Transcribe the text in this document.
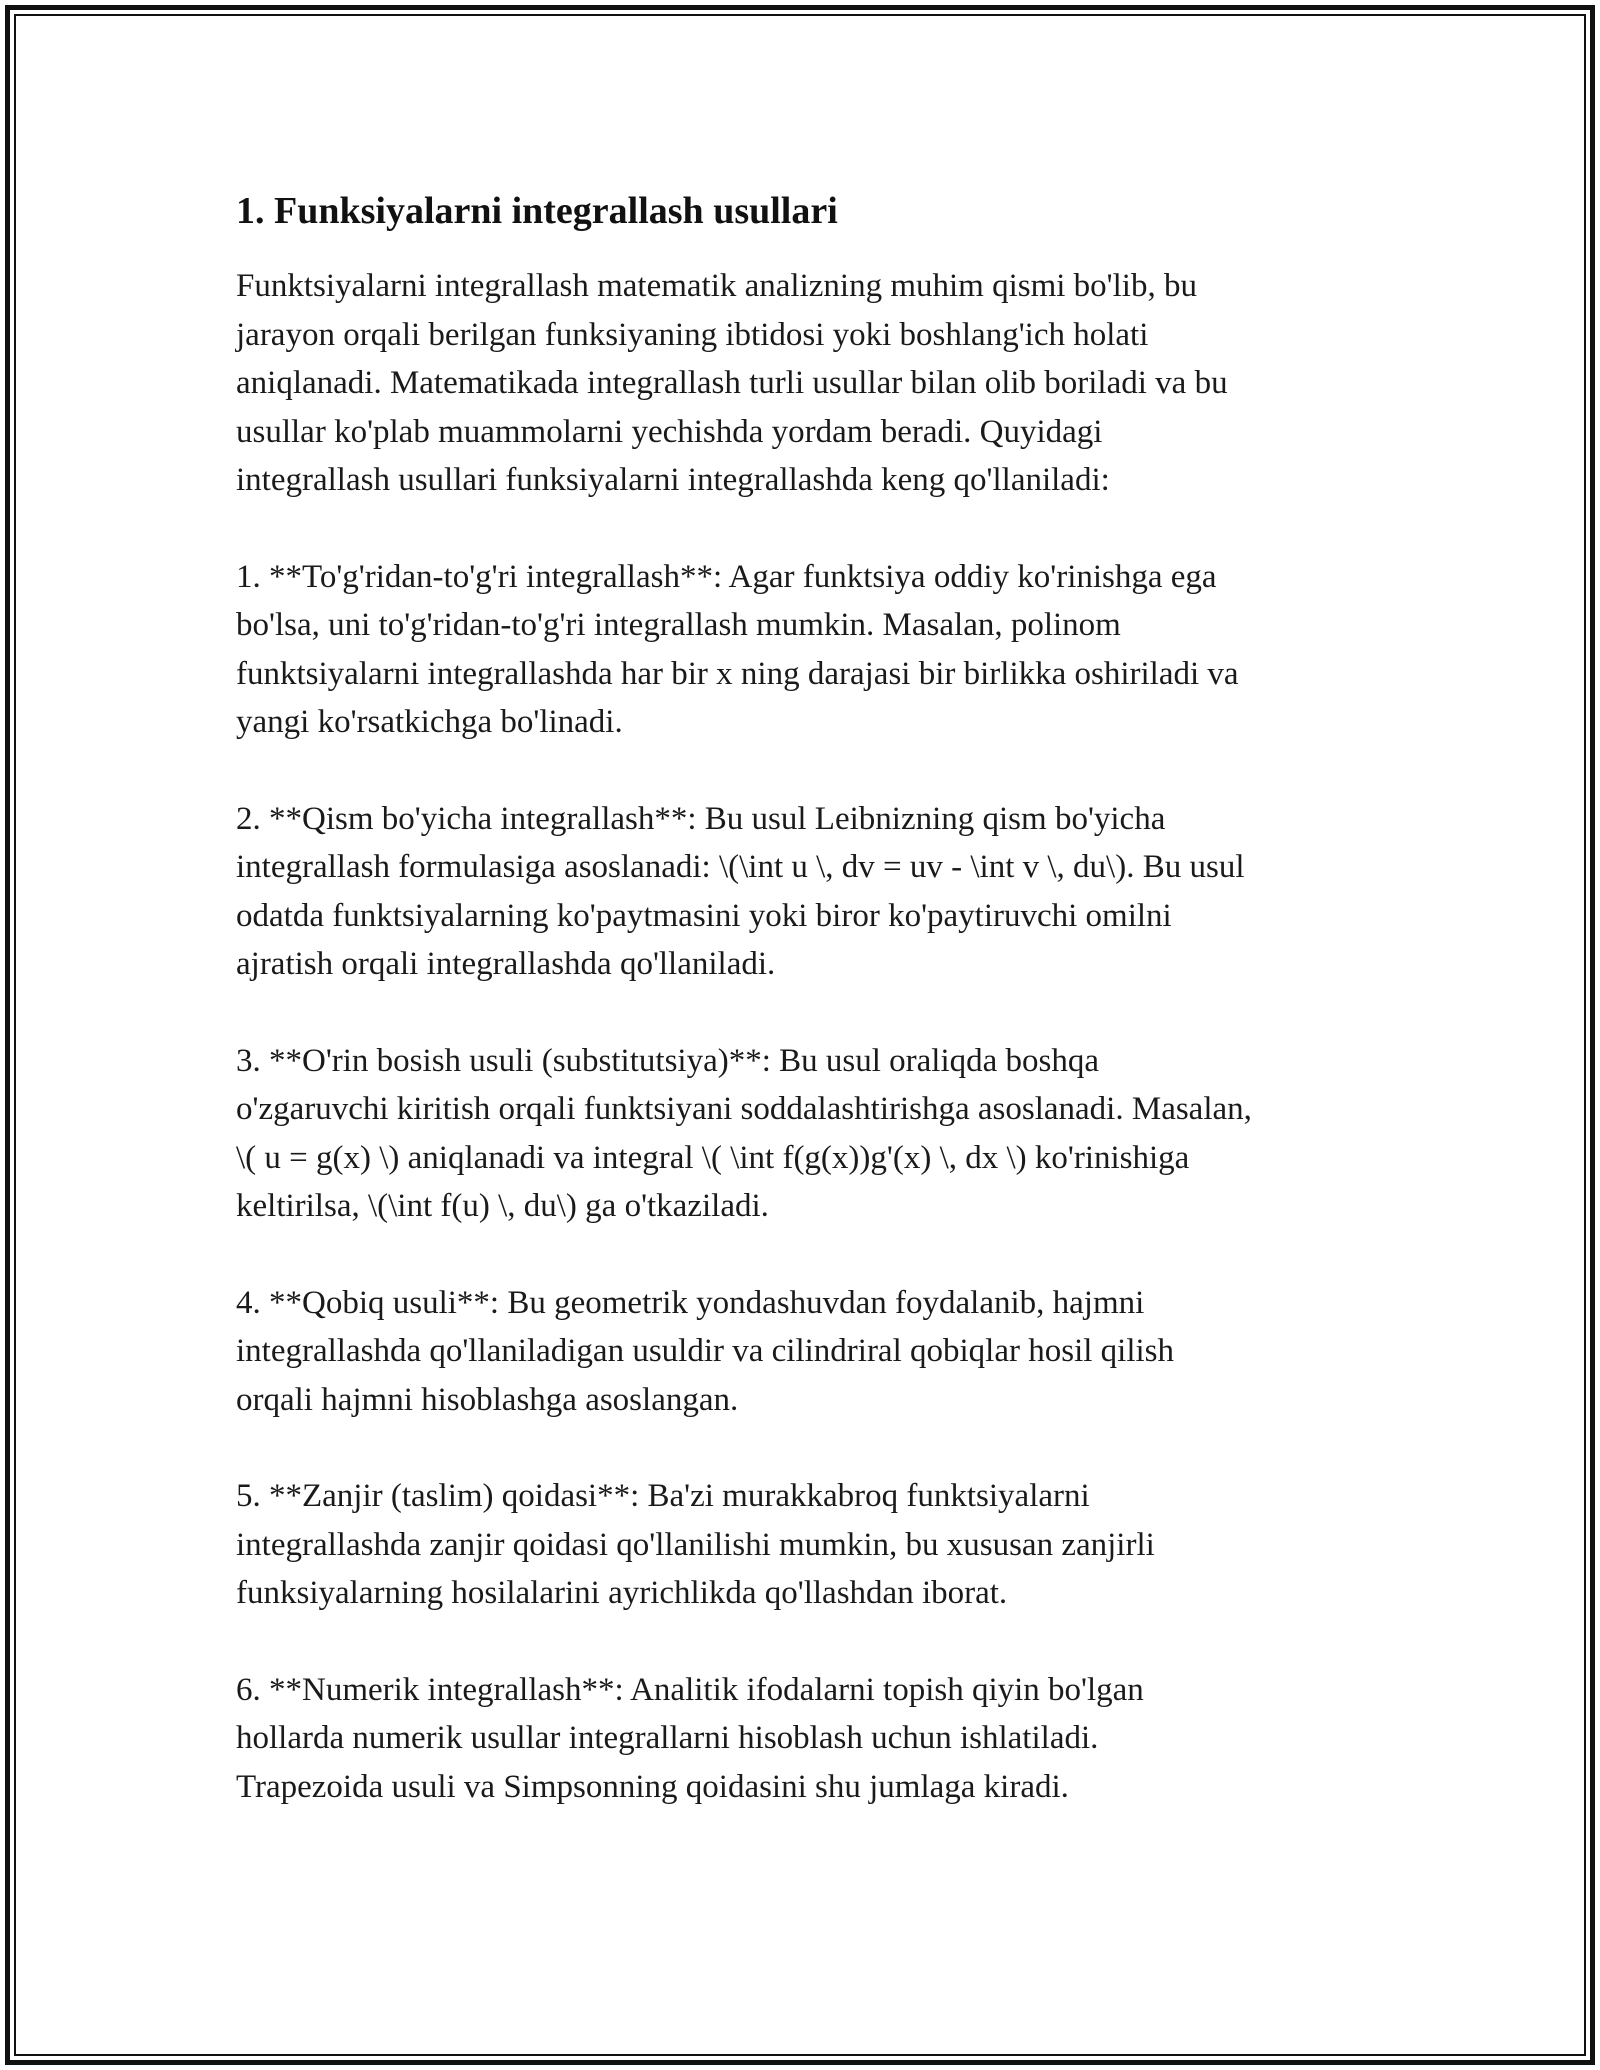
1. Funksiyalarni integrallash usullari

Funktsiyalarni integrallash matematik analizning muhim qismi bo'lib, bu
jarayon orqali berilgan funksiyaning ibtidosi yoki boshlang'ich holati
aniqlanadi. Matematikada integrallash turli usullar bilan olib boriladi va bu
usullar ko'plab muammolarni yechishda yordam beradi. Quyidagi
integrallash usullari funksiyalarni integrallashda keng qo'llaniladi:

1. **To'g'ridan-to'g'ri integrallash**: Agar funktsiya oddiy ko'rinishga ega
bo'lsa, uni to'g'ridan-to'g'ri integrallash mumkin. Masalan, polinom
funktsiyalarni integrallashda har bir x ning darajasi bir birlikka oshiriladi va
yangi ko'rsatkichga bo'linadi.

2. **Qism bo'yicha integrallash**: Bu usul Leibnizning qism bo'yicha
integrallash formulasiga asoslanadi: \(\int u \, dv = uv - \int v \, du\). Bu usul
odatda funktsiyalarning ko'paytmasini yoki biror ko'paytiruvchi omilni
ajratish orqali integrallashda qo'llaniladi.

3. **O'rin bosish usuli (substitutsiya)**: Bu usul oraliqda boshqa
o'zgaruvchi kiritish orqali funktsiyani soddalashtirishga asoslanadi. Masalan,
\( u = g(x) \) aniqlanadi va integral \( \int f(g(x))g'(x) \, dx \) ko'rinishiga
keltirilsa, \(\int f(u) \, du\) ga o'tkaziladi.

4. **Qobiq usuli**: Bu geometrik yondashuvdan foydalanib, hajmni
integrallashda qo'llaniladigan usuldir va cilindriral qobiqlar hosil qilish
orqali hajmni hisoblashga asoslangan.

5. **Zanjir (taslim) qoidasi**: Ba'zi murakkabroq funktsiyalarni
integrallashda zanjir qoidasi qo'llanilishi mumkin, bu xususan zanjirli
funksiyalarning hosilalarini ayrichlikda qo'llashdan iborat.

6. **Numerik integrallash**: Analitik ifodalarni topish qiyin bo'lgan
hollarda numerik usullar integrallarni hisoblash uchun ishlatiladi.
Trapezoida usuli va Simpsonning qoidasini shu jumlaga kiradi.
